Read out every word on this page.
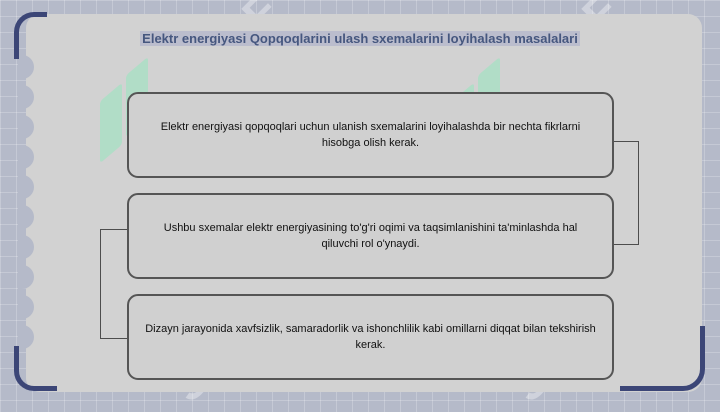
Elektr energiyasi Qopqoqlarini ulash sxemalarini loyihalash masalalari
Elektr energiyasi qopqoqlari uchun ulanish sxemalarini loyihalashda bir nechta fikrlarni hisobga olish kerak.
Ushbu sxemalar elektr energiyasining to'g'ri oqimi va taqsimlanishini ta'minlashda hal qiluvchi rol o'ynaydi.
Dizayn jarayonida xavfsizlik, samaradorlik va ishonchlilik kabi omillarni diqqat bilan tekshirish kerak.
